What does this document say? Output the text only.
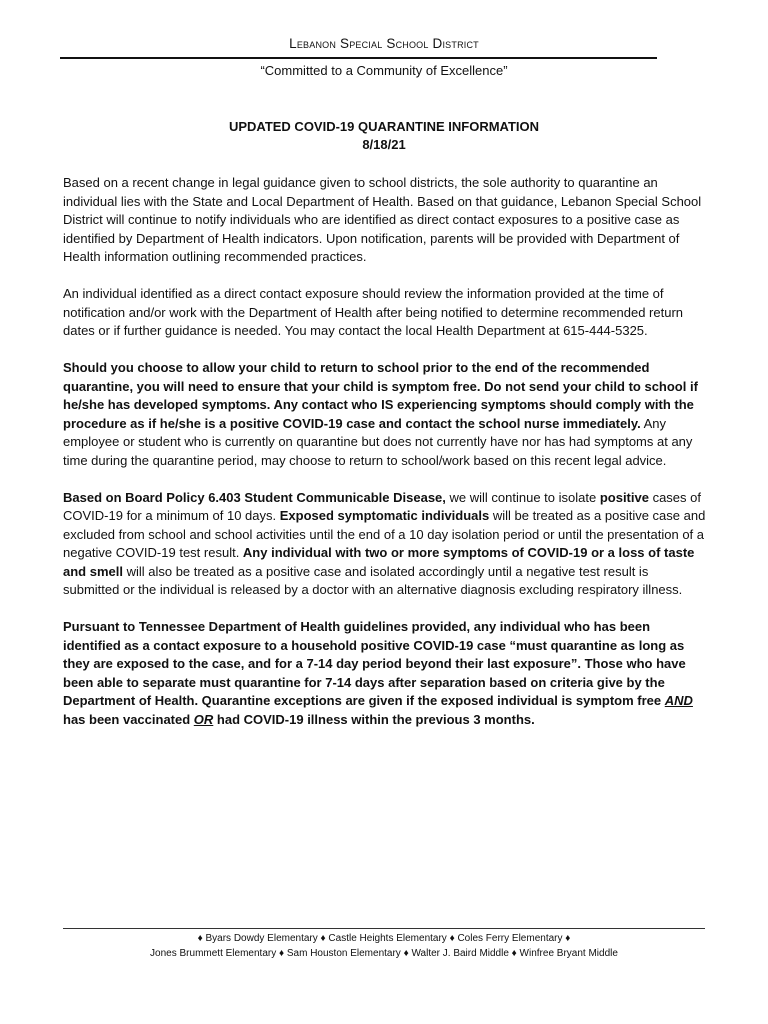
Lebanon Special School District
“Committed to a Community of Excellence”
UPDATED COVID-19 QUARANTINE INFORMATION
8/18/21

Based on a recent change in legal guidance given to school districts, the sole authority to quarantine an individual lies with the State and Local Department of Health. Based on that guidance, Lebanon Special School District will continue to notify individuals who are identified as direct contact exposures to a positive case as identified by Department of Health indicators. Upon notification, parents will be provided with Department of Health information outlining recommended practices.

An individual identified as a direct contact exposure should review the information provided at the time of notification and/or work with the Department of Health after being notified to determine recommended return dates or if further guidance is needed. You may contact the local Health Department at 615-444-5325.

Should you choose to allow your child to return to school prior to the end of the recommended quarantine, you will need to ensure that your child is symptom free. Do not send your child to school if he/she has developed symptoms. Any contact who IS experiencing symptoms should comply with the procedure as if he/she is a positive COVID-19 case and contact the school nurse immediately. Any employee or student who is currently on quarantine but does not currently have nor has had symptoms at any time during the quarantine period, may choose to return to school/work based on this recent legal advice.

Based on Board Policy 6.403 Student Communicable Disease, we will continue to isolate positive cases of COVID-19 for a minimum of 10 days. Exposed symptomatic individuals will be treated as a positive case and excluded from school and school activities until the end of a 10 day isolation period or until the presentation of a negative COVID-19 test result. Any individual with two or more symptoms of COVID-19 or a loss of taste and smell will also be treated as a positive case and isolated accordingly until a negative test result is submitted or the individual is released by a doctor with an alternative diagnosis excluding respiratory illness.

Pursuant to Tennessee Department of Health guidelines provided, any individual who has been identified as a contact exposure to a household positive COVID-19 case “must quarantine as long as they are exposed to the case, and for a 7-14 day period beyond their last exposure”. Those who have been able to separate must quarantine for 7-14 days after separation based on criteria give by the Department of Health. Quarantine exceptions are given if the exposed individual is symptom free AND has been vaccinated OR had COVID-19 illness within the previous 3 months.

♦ Byars Dowdy Elementary ♦ Castle Heights Elementary ♦ Coles Ferry Elementary ♦
Jones Brummett Elementary ♦ Sam Houston Elementary ♦ Walter J. Baird Middle ♦ Winfree Bryant Middle
